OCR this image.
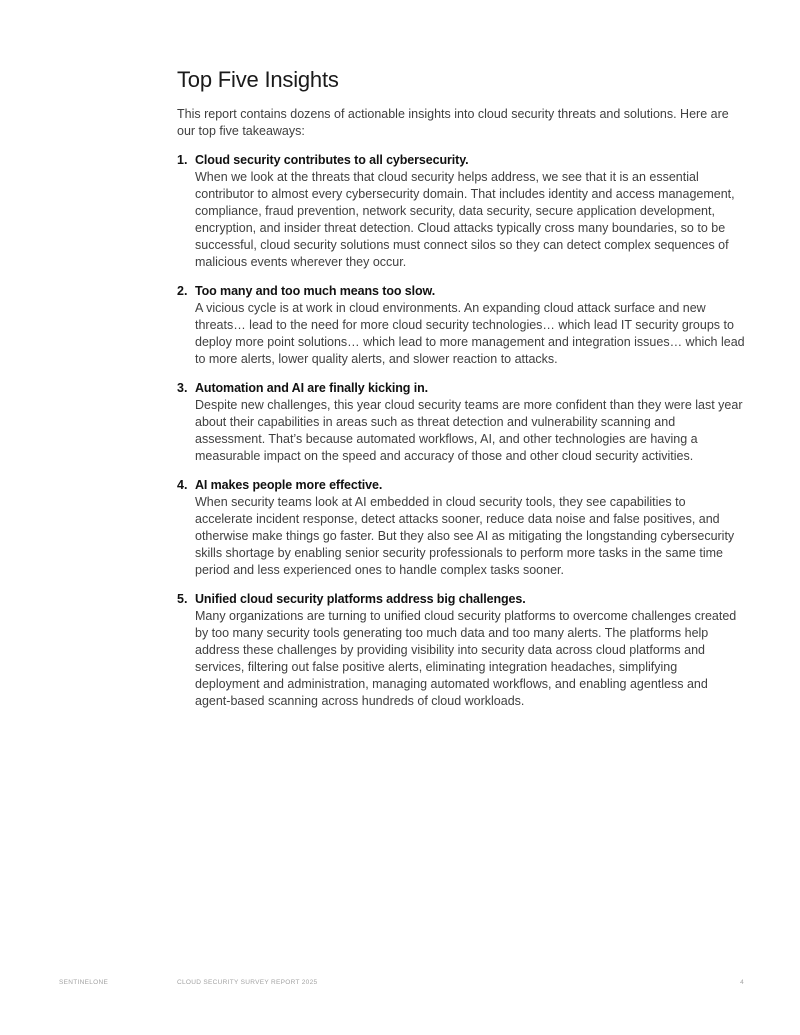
Top Five Insights

This report contains dozens of actionable insights into cloud security threats and solutions. Here are our top five takeaways:

1. Cloud security contributes to all cybersecurity.
When we look at the threats that cloud security helps address, we see that it is an essential contributor to almost every cybersecurity domain. That includes identity and access management, compliance, fraud prevention, network security, data security, secure application development, encryption, and insider threat detection. Cloud attacks typically cross many boundaries, so to be successful, cloud security solutions must connect silos so they can detect complex sequences of malicious events wherever they occur.
2. Too many and too much means too slow.
A vicious cycle is at work in cloud environments. An expanding cloud attack surface and new threats… lead to the need for more cloud security technologies… which lead IT security groups to deploy more point solutions… which lead to more management and integration issues… which lead to more alerts, lower quality alerts, and slower reaction to attacks.
3. Automation and AI are finally kicking in.
Despite new challenges, this year cloud security teams are more confident than they were last year about their capabilities in areas such as threat detection and vulnerability scanning and assessment. That’s because automated workflows, AI, and other technologies are having a measurable impact on the speed and accuracy of those and other cloud security activities.
4. AI makes people more effective.
When security teams look at AI embedded in cloud security tools, they see capabilities to accelerate incident response, detect attacks sooner, reduce data noise and false positives, and otherwise make things go faster. But they also see AI as mitigating the longstanding cybersecurity skills shortage by enabling senior security professionals to perform more tasks in the same time period and less experienced ones to handle complex tasks sooner.
5. Unified cloud security platforms address big challenges.
Many organizations are turning to unified cloud security platforms to overcome challenges created by too many security tools generating too much data and too many alerts. The platforms help address these challenges by providing visibility into security data across cloud platforms and services, filtering out false positive alerts, eliminating integration headaches, simplifying deployment and administration, managing automated workflows, and enabling agentless and agent-based scanning across hundreds of cloud workloads.
SENTINELONE	CLOUD SECURITY SURVEY REPORT 2025	4
